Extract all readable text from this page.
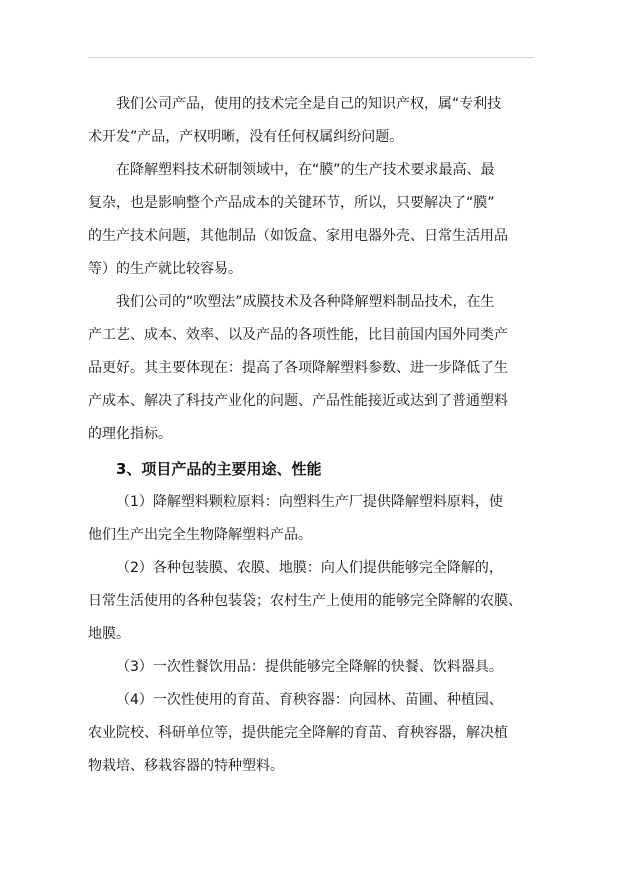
我们公司产品，使用的技术完全是自己的知识产权，属“专利技
术开发”产品，产权明晰，没有任何权属纠纷问题。

在降解塑料技术研制领域中，在“膜”的生产技术要求最高、最
复杂，也是影响整个产品成本的关键环节，所以，只要解决了“膜”
的生产技术问题，其他制品（如饭盒、家用电器外壳、日常生活用品
等）的生产就比较容易。

我们公司的“吹塑法”成膜技术及各种降解塑料制品技术，在生
产工艺、成本、效率、以及产品的各项性能，比目前国内国外同类产
品更好。其主要体现在：提高了各项降解塑料参数、进一步降低了生
产成本、解决了科技产业化的问题、产品性能接近或达到了普通塑料
的理化指标。

3、项目产品的主要用途、性能

（1）降解塑料颗粒原料：向塑料生产厂提供降解塑料原料，使
他们生产出完全生物降解塑料产品。

（2）各种包装膜、农膜、地膜：向人们提供能够完全降解的，
日常生活使用的各种包装袋；农村生产上使用的能够完全降解的农膜、
地膜。

（3）一次性餐饮用品：提供能够完全降解的快餐、饮料器具。

（4）一次性使用的育苗、育秧容器：向园林、苗圃、种植园、
农业院校、科研单位等，提供能完全降解的育苗、育秧容器，解决植
物栽培、移栽容器的特种塑料。
